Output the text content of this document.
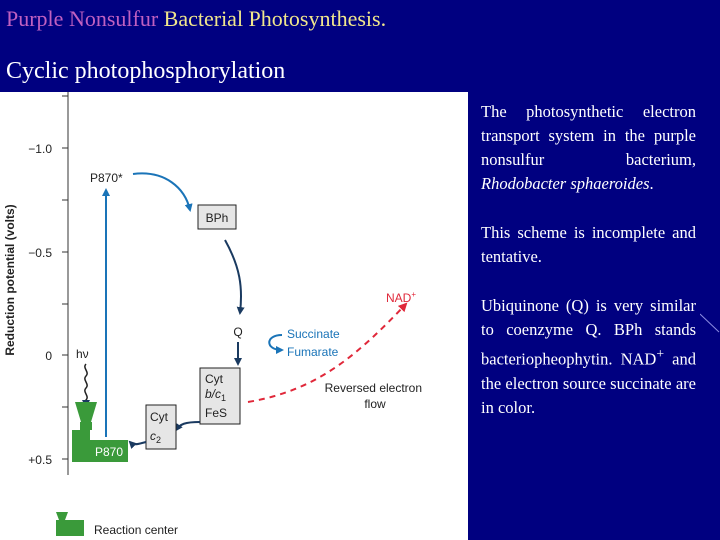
Purple Nonsulfur Bacterial Photosynthesis.
Cyclic photophosphorylation
Reduction potential (volts)
−1.0
−0.5
0
+0.5
P870*
BPh
Q	Succinate
Fumarate
Cyt $b/c_1$ FeS
Cyt $c_2$
NAD+
Reversed electron flow
hν
P870
Reaction center

The photosynthetic electron transport system in the purple nonsulfur bacterium, Rhodobacter sphaeroides.

This scheme is incomplete and tentative.

Ubiquinone (Q) is very similar to coenzyme Q. BPh stands bacteriopheophytin. NAD+ and the electron source succinate are in color.
